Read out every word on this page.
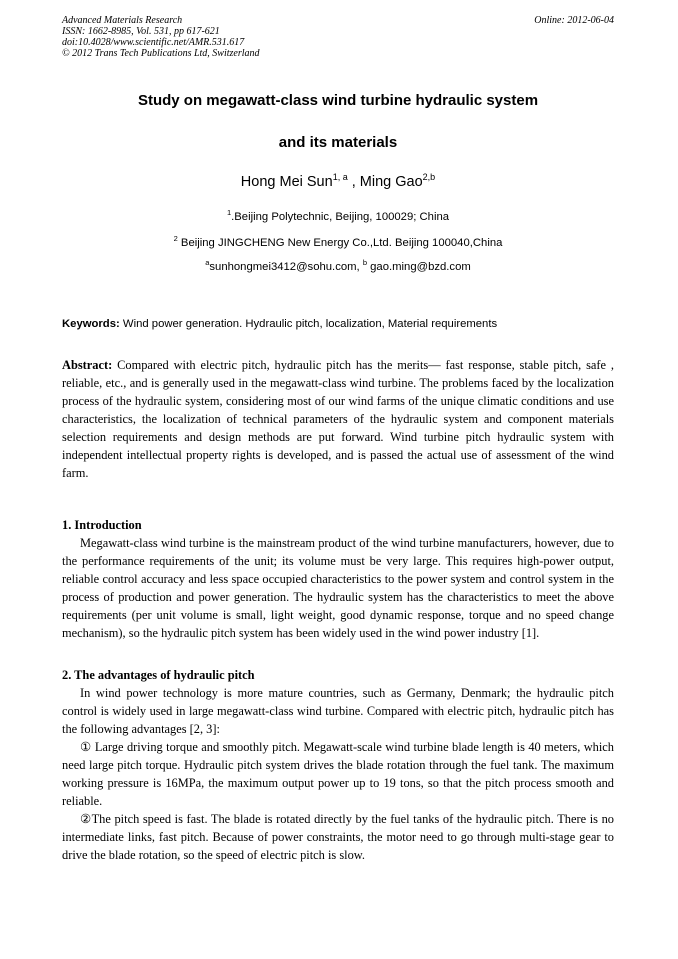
Advanced Materials Research
ISSN: 1662-8985, Vol. 531, pp 617-621
doi:10.4028/www.scientific.net/AMR.531.617
© 2012 Trans Tech Publications Ltd, Switzerland
Online: 2012-06-04
Study on megawatt-class wind turbine hydraulic system
and its materials
Hong Mei Sun$^{1, a}$ , Ming Gao$^{2,b}$
$^1$.Beijing Polytechnic, Beijing, 100029; China
$^2$ Beijing JINGCHENG New Energy Co.,Ltd. Beijing 100040,China
$^a$sunhongmei3412@sohu.com, $^b$ gao.ming@bzd.com
Keywords: Wind power generation. Hydraulic pitch, localization, Material requirements

Abstract: Compared with electric pitch, hydraulic pitch has the merits— fast response, stable pitch, safe , reliable, etc., and is generally used in the megawatt-class wind turbine. The problems faced by the localization process of the hydraulic system, considering most of our wind farms of the unique climatic conditions and use characteristics, the localization of technical parameters of the hydraulic system and component materials selection requirements and design methods are put forward. Wind turbine pitch hydraulic system with independent intellectual property rights is developed, and is passed the actual use of assessment of the wind farm.

1. Introduction

Megawatt-class wind turbine is the mainstream product of the wind turbine manufacturers, however, due to the performance requirements of the unit; its volume must be very large. This requires high-power output, reliable control accuracy and less space occupied characteristics to the power system and control system in the process of production and power generation. The hydraulic system has the characteristics to meet the above requirements (per unit volume is small, light weight, good dynamic response, torque and no speed change mechanism), so the hydraulic pitch system has been widely used in the wind power industry [1].

2. The advantages of hydraulic pitch

In wind power technology is more mature countries, such as Germany, Denmark; the hydraulic pitch control is widely used in large megawatt-class wind turbine. Compared with electric pitch, hydraulic pitch has the following advantages [2, 3]:

① Large driving torque and smoothly pitch. Megawatt-scale wind turbine blade length is 40 meters, which need large pitch torque. Hydraulic pitch system drives the blade rotation through the fuel tank. The maximum working pressure is 16MPa, the maximum output power up to 19 tons, so that the pitch process smooth and reliable.

②The pitch speed is fast. The blade is rotated directly by the fuel tanks of the hydraulic pitch. There is no intermediate links, fast pitch. Because of power constraints, the motor need to go through multi-stage gear to drive the blade rotation, so the speed of electric pitch is slow.
